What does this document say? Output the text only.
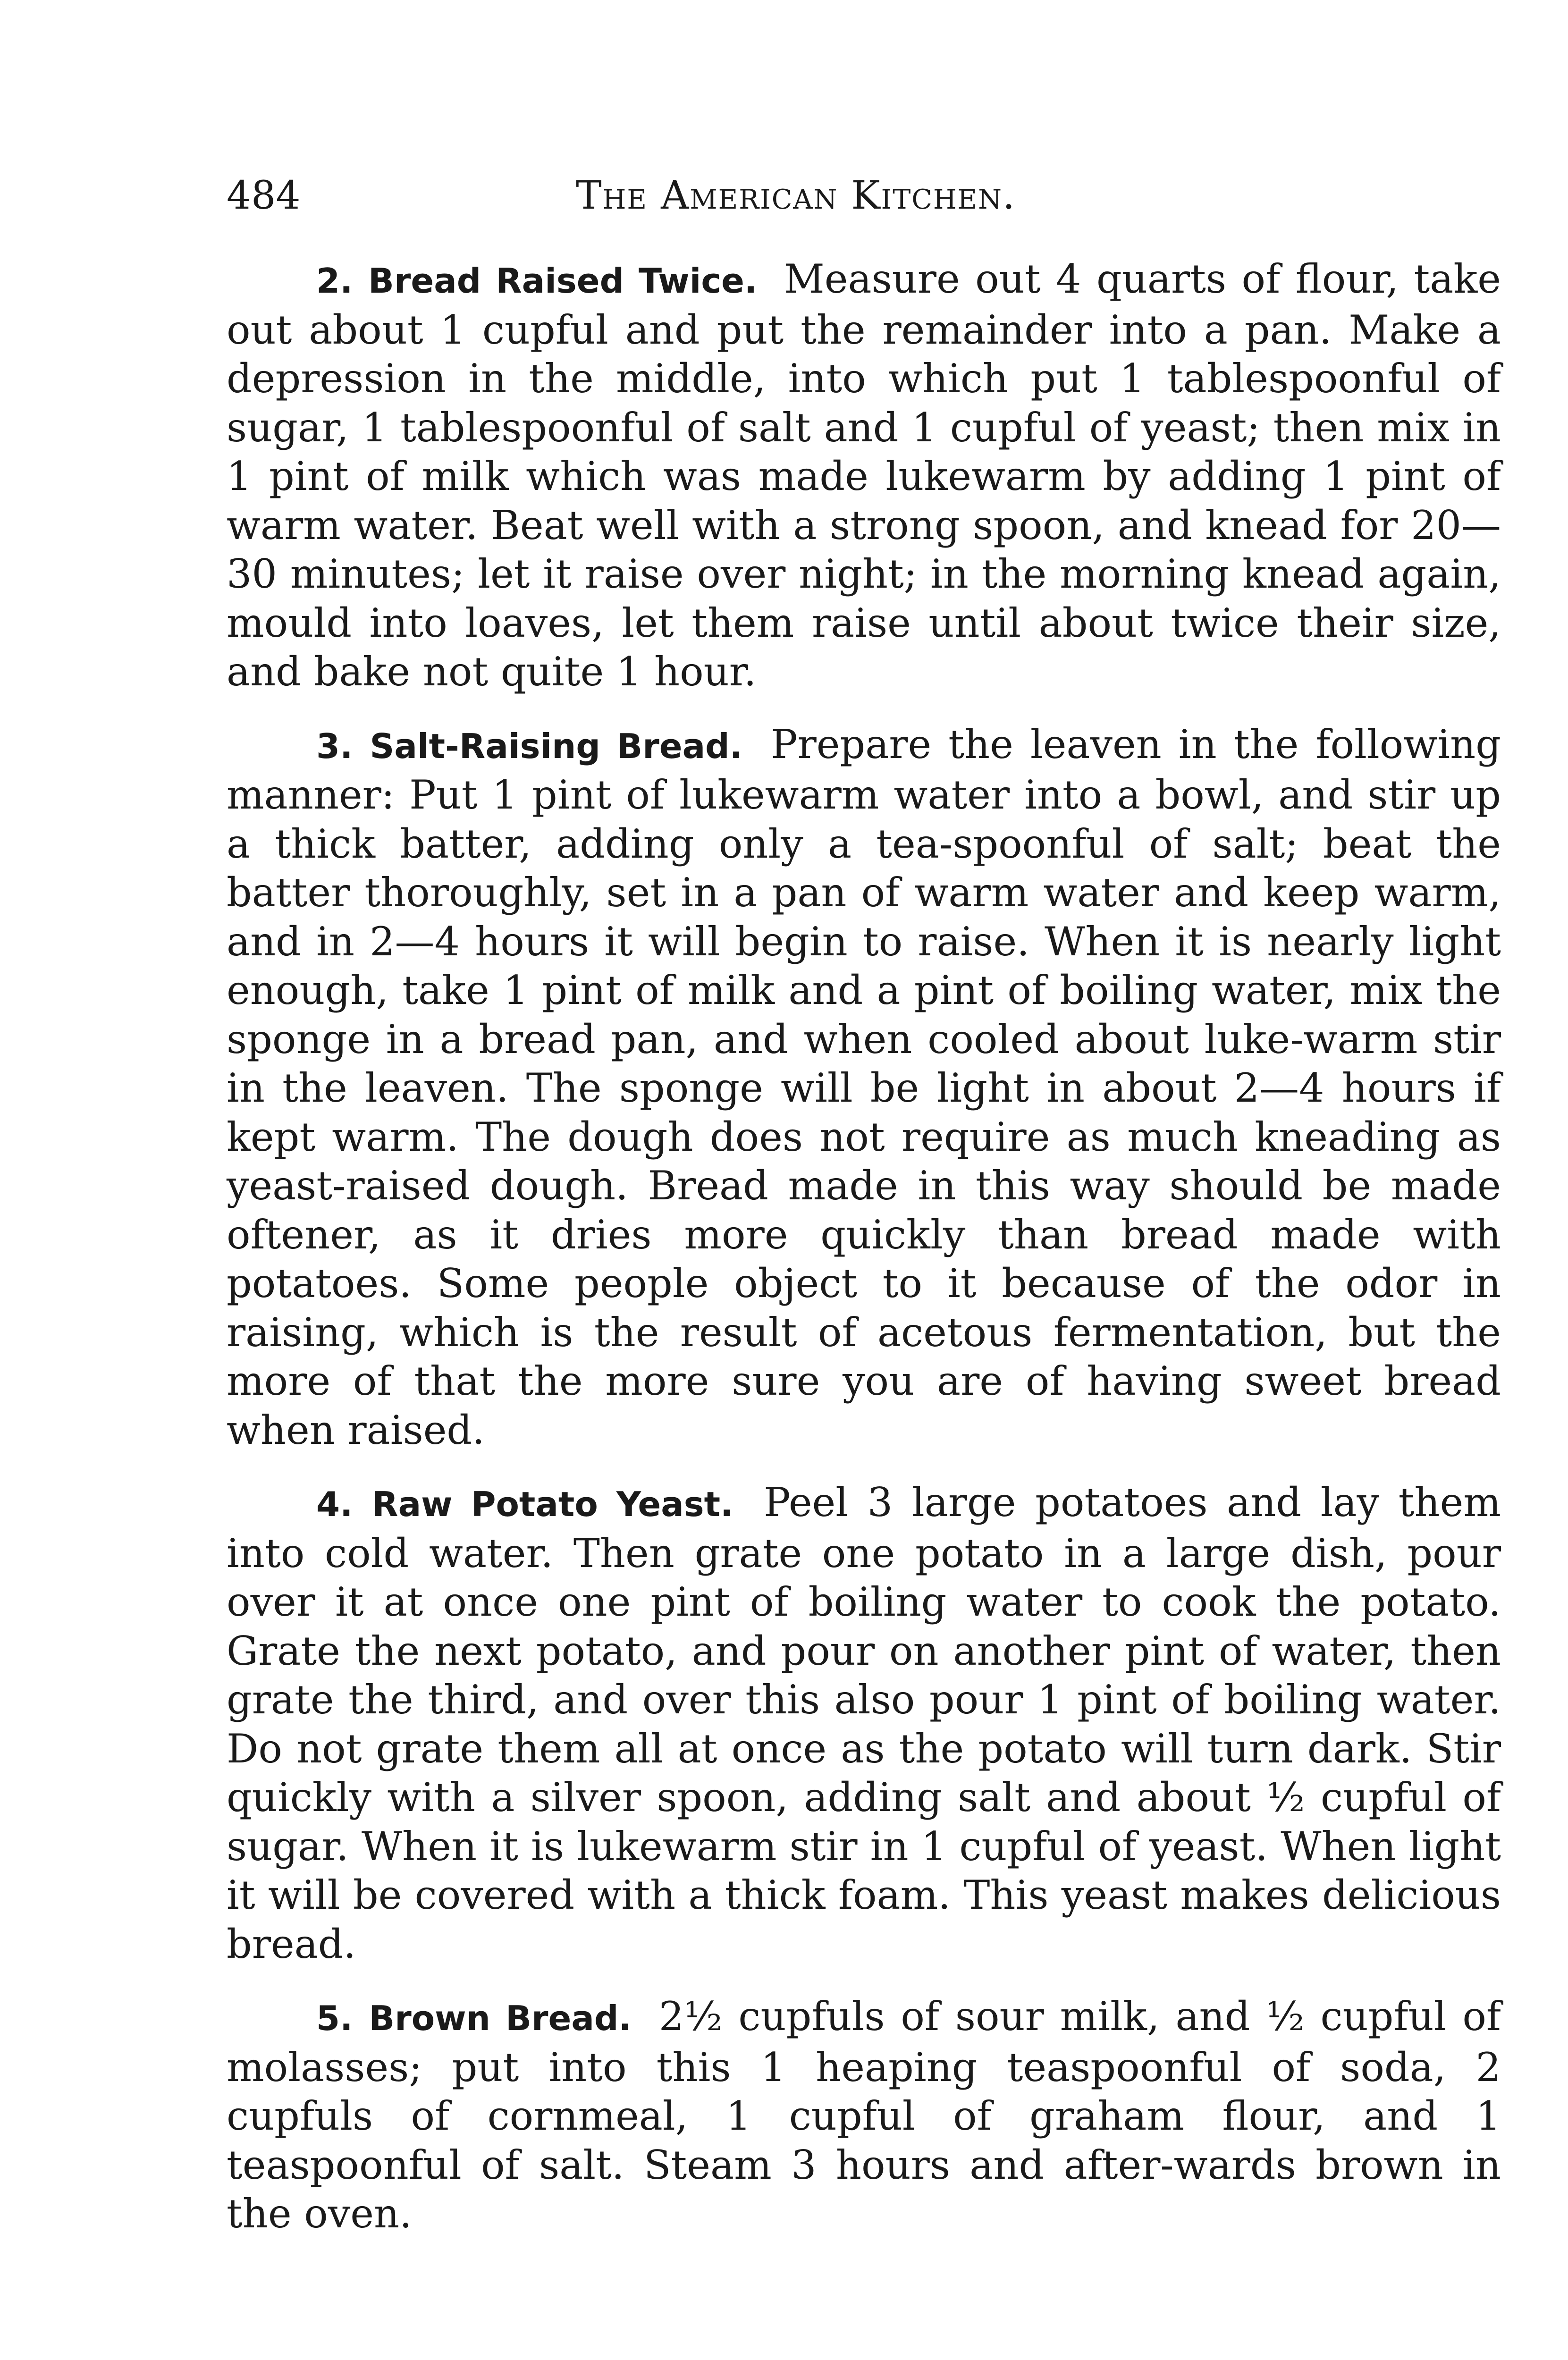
484	The American Kitchen.

2. Bread Raised Twice. Measure out 4 quarts of flour, take out about 1 cupful and put the remainder into a pan. Make a depression in the middle, into which put 1 tablespoonful of sugar, 1 tablespoonful of salt and 1 cupful of yeast; then mix in 1 pint of milk which was made lukewarm by adding 1 pint of warm water. Beat well with a strong spoon, and knead for 20—30 minutes; let it raise over night; in the morning knead again, mould into loaves, let them raise until about twice their size, and bake not quite 1 hour.

3. Salt-Raising Bread. Prepare the leaven in the following manner: Put 1 pint of lukewarm water into a bowl, and stir up a thick batter, adding only a tea-spoonful of salt; beat the batter thoroughly, set in a pan of warm water and keep warm, and in 2—4 hours it will begin to raise. When it is nearly light enough, take 1 pint of milk and a pint of boiling water, mix the sponge in a bread pan, and when cooled about luke-warm stir in the leaven. The sponge will be light in about 2—4 hours if kept warm. The dough does not require as much kneading as yeast-raised dough. Bread made in this way should be made oftener, as it dries more quickly than bread made with potatoes. Some people object to it because of the odor in raising, which is the result of acetous fermentation, but the more of that the more sure you are of having sweet bread when raised.

4. Raw Potato Yeast. Peel 3 large potatoes and lay them into cold water. Then grate one potato in a large dish, pour over it at once one pint of boiling water to cook the potato. Grate the next potato, and pour on another pint of water, then grate the third, and over this also pour 1 pint of boiling water. Do not grate them all at once as the potato will turn dark. Stir quickly with a silver spoon, adding salt and about ½ cupful of sugar. When it is lukewarm stir in 1 cupful of yeast. When light it will be covered with a thick foam. This yeast makes delicious bread.

5. Brown Bread. 2½ cupfuls of sour milk, and ½ cupful of molasses; put into this 1 heaping teaspoonful of soda, 2 cupfuls of cornmeal, 1 cupful of graham flour, and 1 teaspoonful of salt. Steam 3 hours and after-wards brown in the oven.
